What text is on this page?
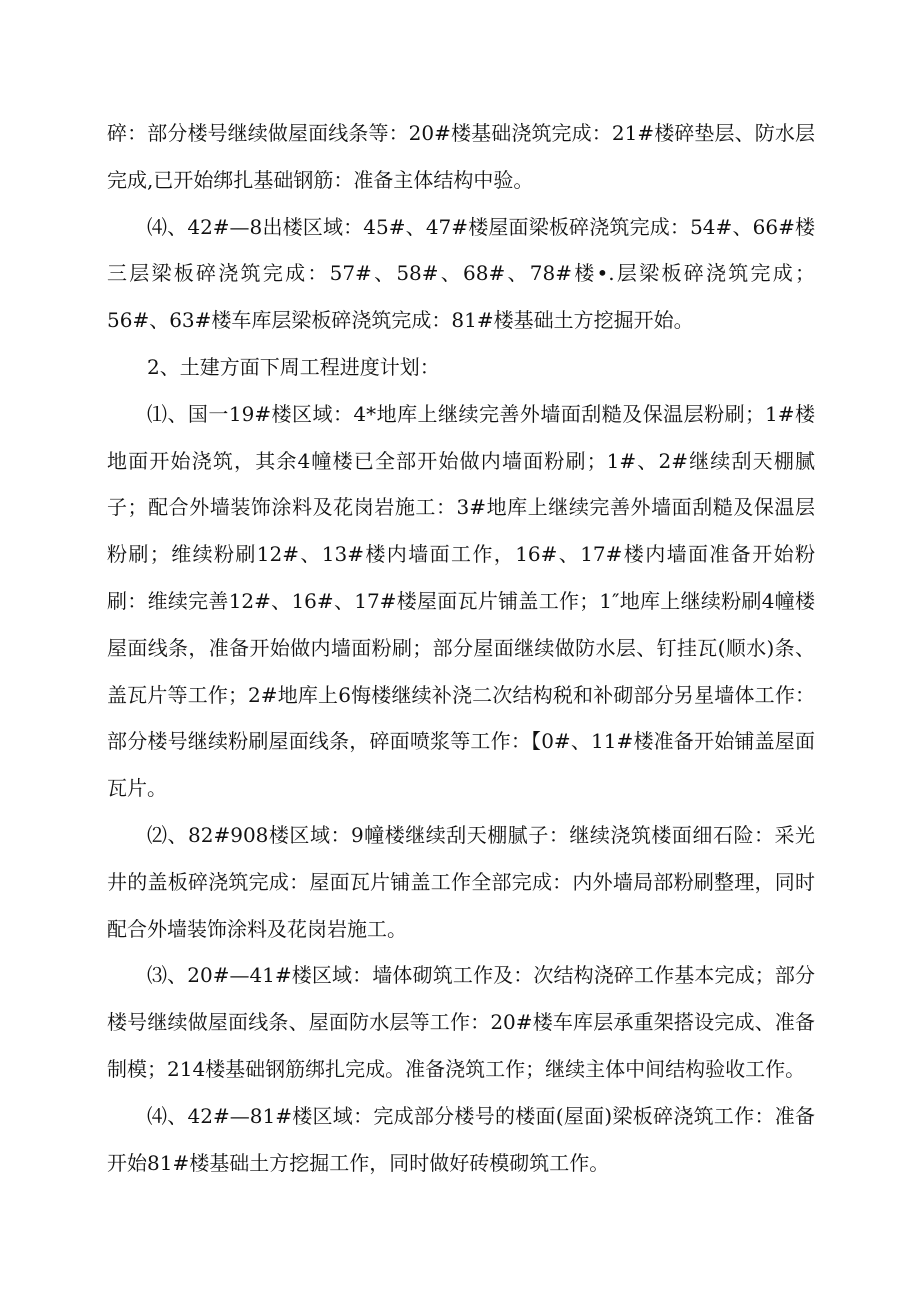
碎：部分楼号继续做屋面线条等：20#楼基础浇筑完成：21#楼碎垫层、防水层完成,已开始绑扎基础钢筋：准备主体结构中验。

⑷、42#—8出楼区域：45#、47#楼屋面梁板碎浇筑完成：54#、66#楼三层梁板碎浇筑完成：57#、58#、68#、78#楼•.层梁板碎浇筑完成；56#、63#楼车库层梁板碎浇筑完成：81#楼基础土方挖掘开始。

2、土建方面下周工程进度计划：

⑴、国一19#楼区域：4*地库上继续完善外墙面刮糙及保温层粉刷；1#楼地面开始浇筑，其余4幢楼已全部开始做内墙面粉刷；1#、2#继续刮天棚腻子；配合外墙装饰涂料及花岗岩施工：3#地库上继续完善外墙面刮糙及保温层粉刷；维续粉刷12#、13#楼内墙面工作，16#、17#楼内墙面准备开始粉刷：维续完善12#、16#、17#楼屋面瓦片铺盖工作；1″地库上继续粉刷4幢楼屋面线条，准备开始做内墙面粉刷；部分屋面继续做防水层、钉挂瓦(顺水)条、盖瓦片等工作；2#地库上6悔楼继续补浇二次结构税和补砌部分另星墙体工作：部分楼号继续粉刷屋面线条，碎面喷浆等工作：【0#、11#楼准备开始铺盖屋面瓦片。

⑵、82#908楼区域：9幢楼继续刮天棚腻子：继续浇筑楼面细石险：采光井的盖板碎浇筑完成：屋面瓦片铺盖工作全部完成：内外墙局部粉刷整理，同时配合外墙装饰涂料及花岗岩施工。

⑶、20#—41#楼区域：墙体砌筑工作及：次结构浇碎工作基本完成；部分楼号继续做屋面线条、屋面防水层等工作：20#楼车库层承重架搭设完成、准备制模；214楼基础钢筋绑扎完成。准备浇筑工作；继续主体中间结构验收工作。

⑷、42#—81#楼区域：完成部分楼号的楼面(屋面)梁板碎浇筑工作：准备开始81#楼基础土方挖掘工作，同时做好砖模砌筑工作。
